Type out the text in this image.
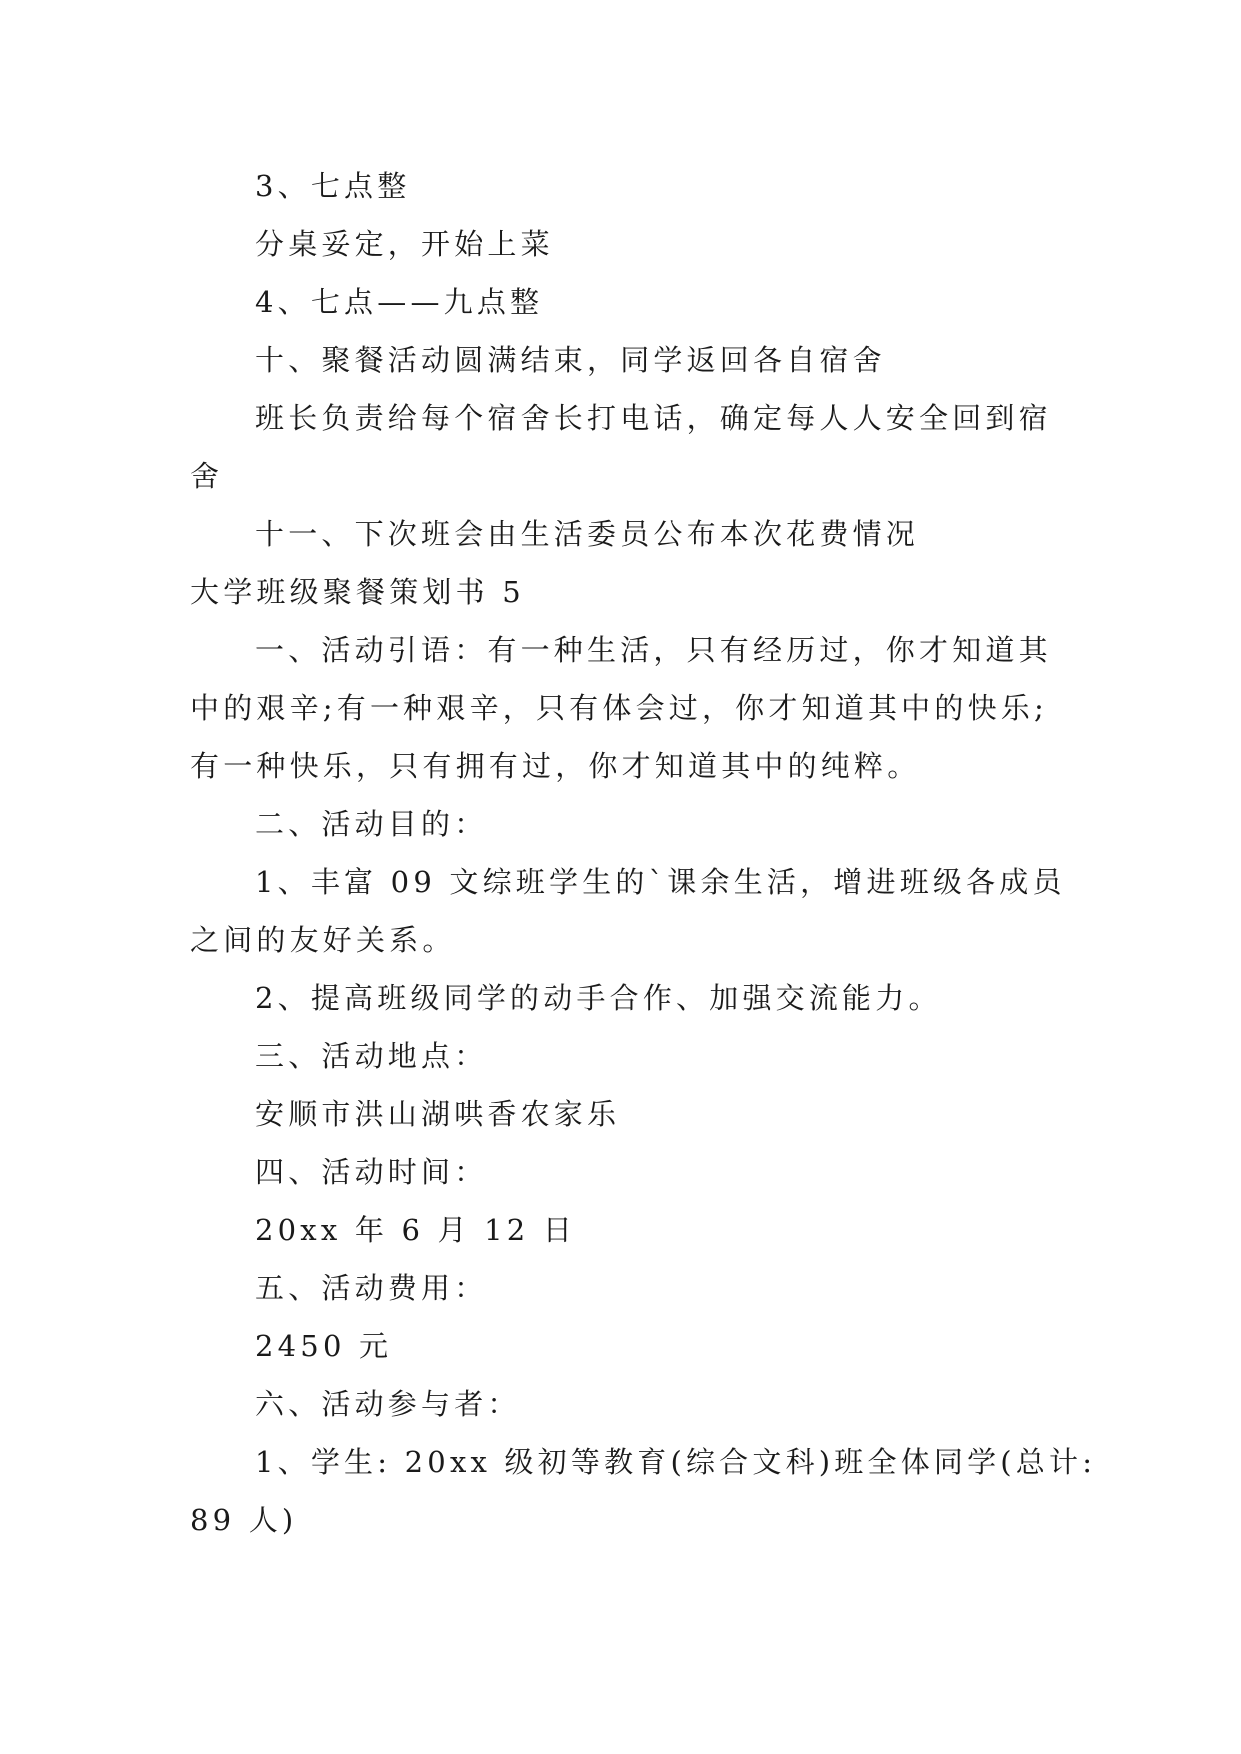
3、七点整
分桌妥定，开始上菜
4、七点——九点整
十、聚餐活动圆满结束，同学返回各自宿舍
班长负责给每个宿舍长打电话，确定每人人安全回到宿
舍
十一、下次班会由生活委员公布本次花费情况
大学班级聚餐策划书 5
一、活动引语：有一种生活，只有经历过，你才知道其
中的艰辛;有一种艰辛，只有体会过，你才知道其中的快乐;
有一种快乐，只有拥有过，你才知道其中的纯粹。
二、活动目的：
1、丰富 09 文综班学生的`课余生活，增进班级各成员
之间的友好关系。
2、提高班级同学的动手合作、加强交流能力。
三、活动地点：
安顺市洪山湖哄香农家乐
四、活动时间：
20xx 年 6 月 12 日
五、活动费用：
2450 元
六、活动参与者：
1、学生: 20xx 级初等教育(综合文科)班全体同学(总计:
89 人)
